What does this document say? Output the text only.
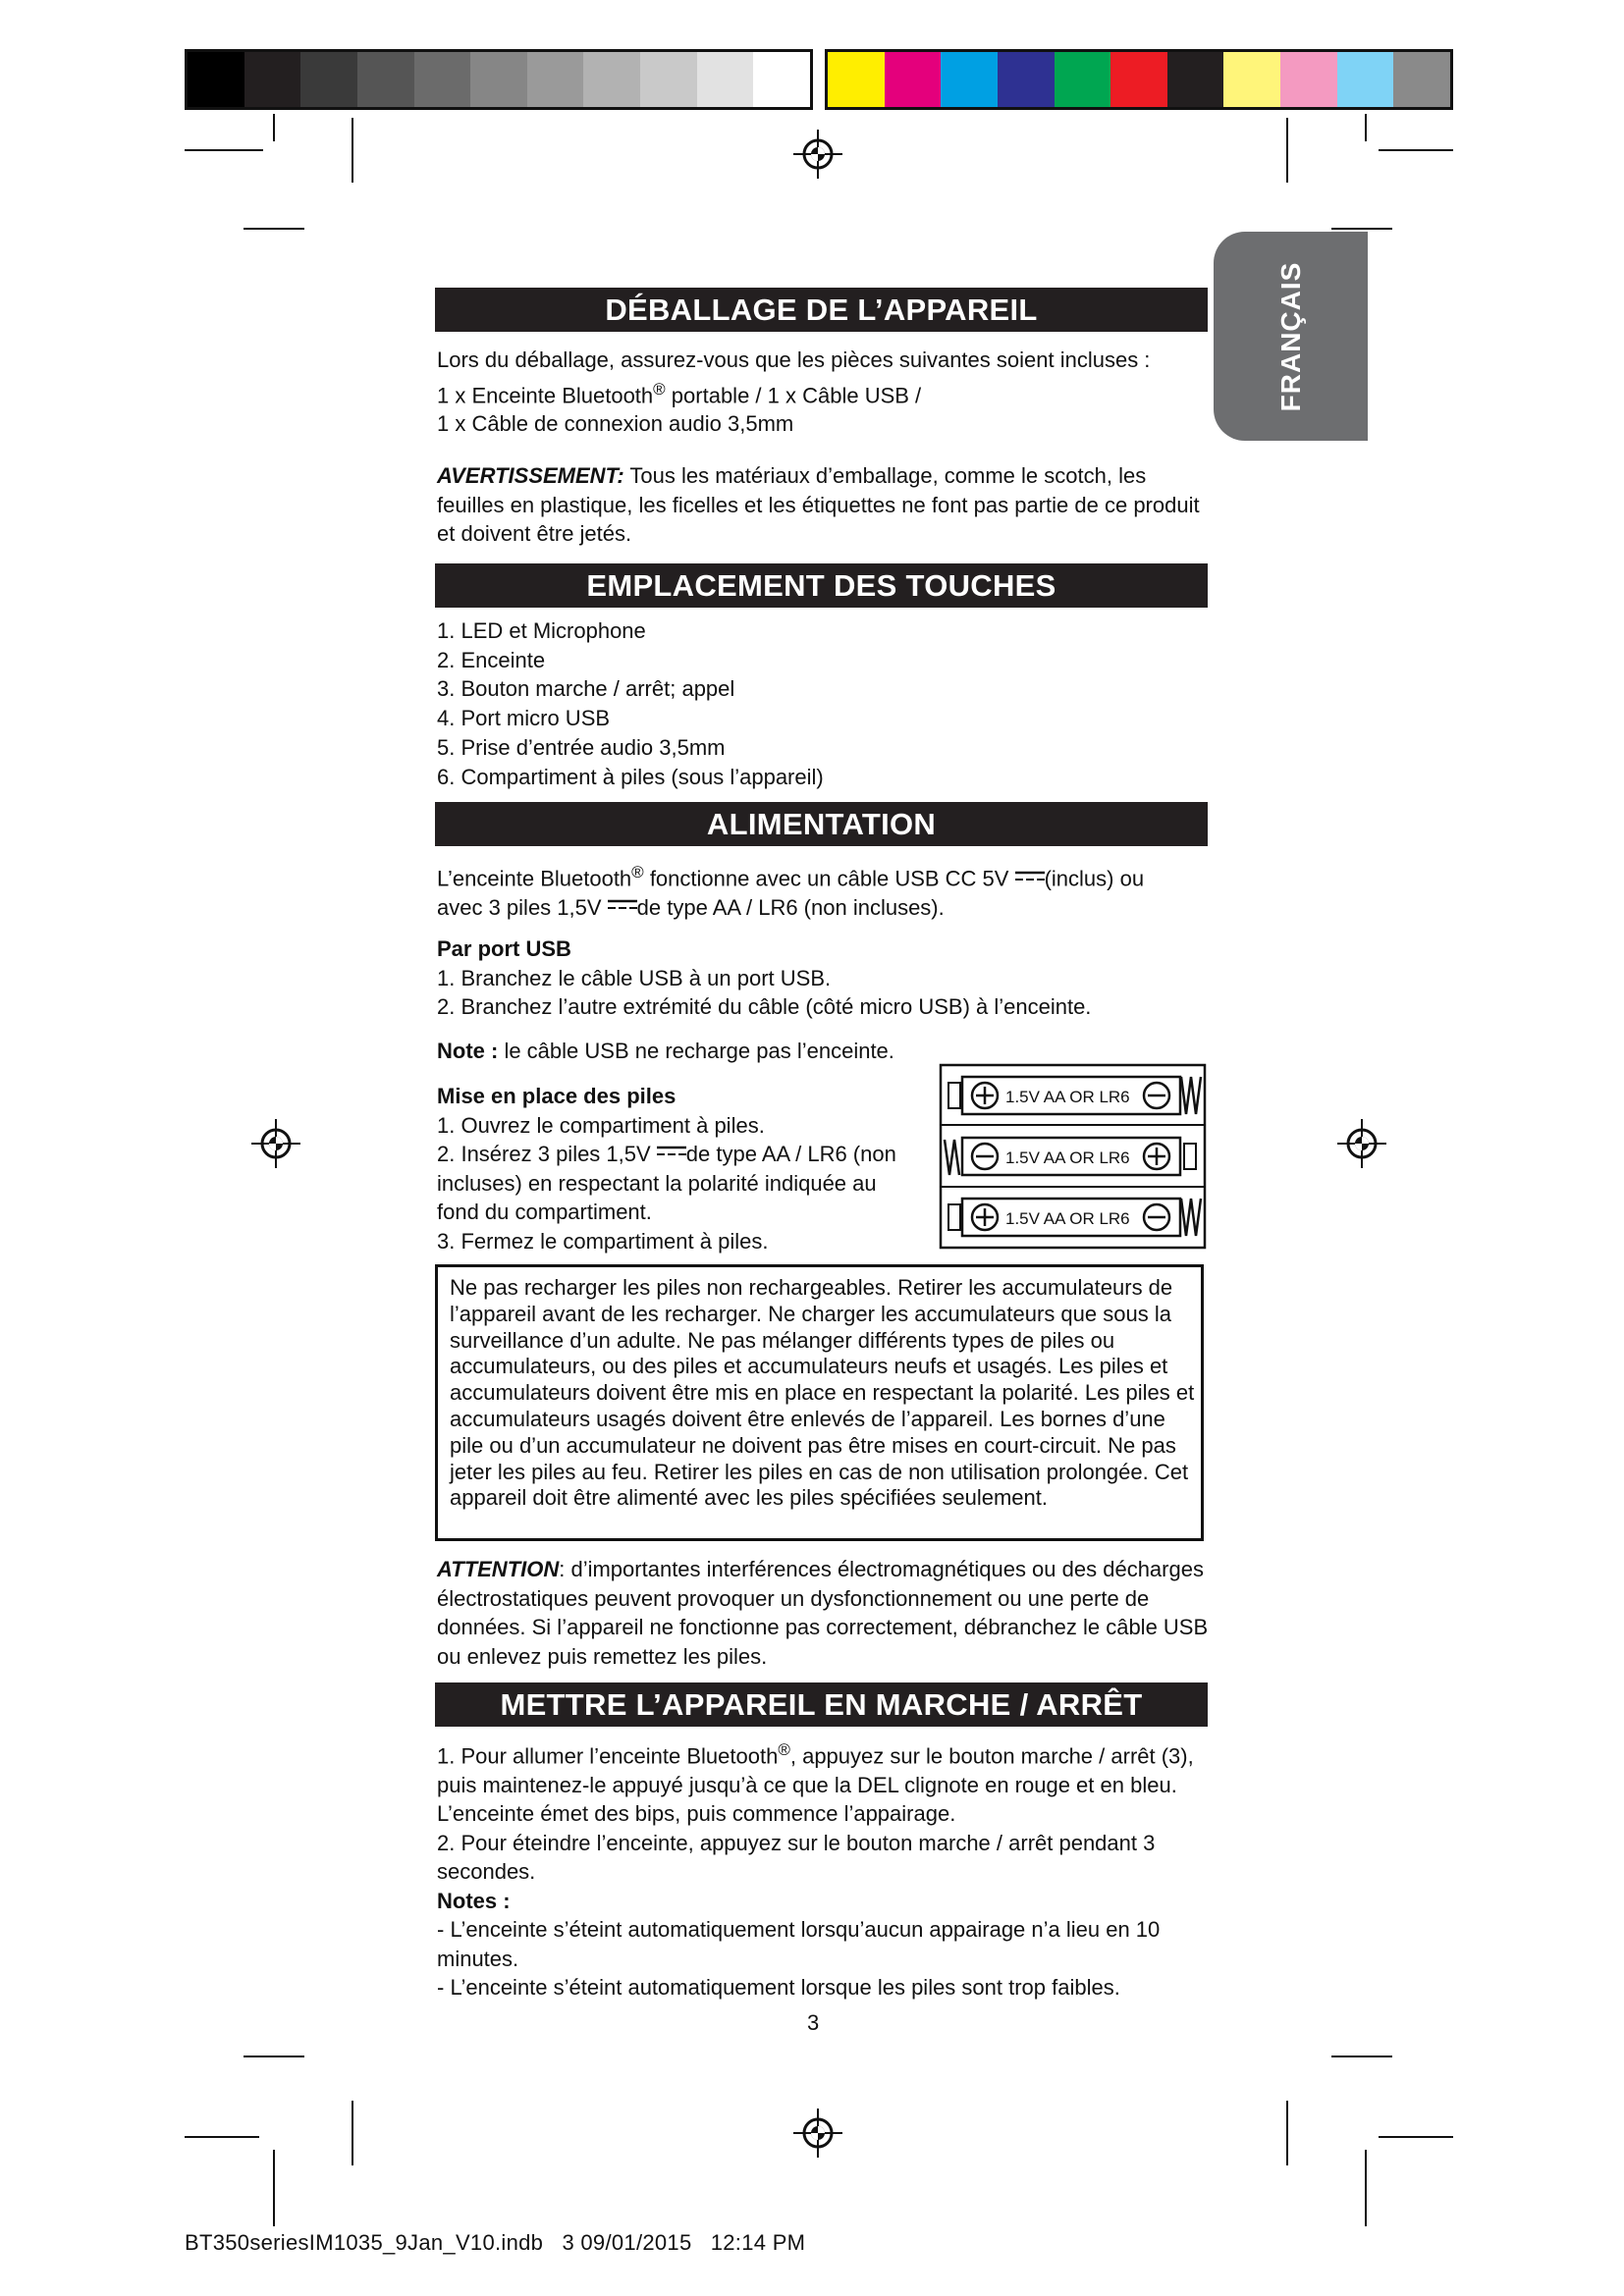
FRANÇAIS
DÉBALLAGE DE L’APPAREIL
Lors du déballage, assurez-vous que les pièces suivantes soient incluses :
1 x Enceinte Bluetooth® portable / 1 x Câble USB /
1 x Câble de connexion audio 3,5mm
AVERTISSEMENT: Tous les matériaux d’emballage, comme le scotch, les feuilles en plastique, les ficelles et les étiquettes ne font pas partie de ce produit et doivent être jetés.
EMPLACEMENT DES TOUCHES
1. LED et Microphone
2. Enceinte
3. Bouton marche / arrêt; appel
4. Port micro USB
5. Prise d’entrée audio 3,5mm
6. Compartiment à piles (sous l’appareil)
ALIMENTATION
L’enceinte Bluetooth® fonctionne avec un câble USB CC 5V (inclus) ou
avec 3 piles 1,5V de type AA / LR6 (non incluses).
Par port USB
1. Branchez le câble USB à un port USB.
2. Branchez l’autre extrémité du câble (côté micro USB) à l’enceinte.
Note : le câble USB ne recharge pas l’enceinte.
Mise en place des piles
1. Ouvrez le compartiment à piles.
2. Insérez 3 piles 1,5V de type AA / LR6 (non
incluses) en respectant la polarité indiquée au
fond du compartiment.
3. Fermez le compartiment à piles.
1.5V AA OR LR6
1.5V AA OR LR6
1.5V AA OR LR6

Ne pas recharger les piles non rechargeables. Retirer les accumulateurs de l’appareil avant de les recharger. Ne charger les accumulateurs que sous la surveillance d’un adulte. Ne pas mélanger différents types de piles ou accumulateurs, ou des piles et accumulateurs neufs et usagés. Les piles et accumulateurs doivent être mis en place en respectant la polarité. Les piles et accumulateurs usagés doivent être enlevés de l’appareil. Les bornes d’une pile ou d’un accumulateur ne doivent pas être mises en court-circuit. Ne pas jeter les piles au feu. Retirer les piles en cas de non utilisation prolongée. Cet appareil doit être alimenté avec les piles spécifiées seulement.

ATTENTION: d’importantes interférences électromagnétiques ou des décharges électrostatiques peuvent provoquer un dysfonctionnement ou une perte de données. Si l’appareil ne fonctionne pas correctement, débranchez le câble USB ou enlevez puis remettez les piles.
METTRE L’APPAREIL EN MARCHE / ARRÊT
1. Pour allumer l’enceinte Bluetooth®, appuyez sur le bouton marche / arrêt (3), puis maintenez-le appuyé jusqu’à ce que la DEL clignote en rouge et en bleu. L’enceinte émet des bips, puis commence l’appairage.
2. Pour éteindre l’enceinte, appuyez sur le bouton marche / arrêt pendant 3 secondes.
Notes :
- L’enceinte s’éteint automatiquement lorsqu’aucun appairage n’a lieu en 10 minutes.
- L’enceinte s’éteint automatiquement lorsque les piles sont trop faibles.
3
BT350seriesIM1035_9Jan_V10.indb   3 09/01/2015   12:14 PM
